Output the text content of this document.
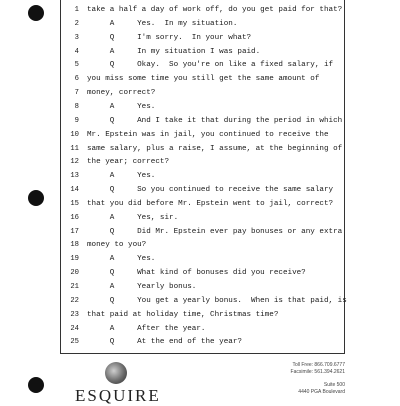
1 take a half a day of work off, do you get paid for that?
2 A     Yes.  In my situation.
3 Q     I'm sorry.  In your what?
4 A     In my situation I was paid.
5 Q     Okay.  So you're on like a fixed salary, if
6 you miss some time you still get the same amount of
7 money, correct?
8 A     Yes.
9 Q     And I take it that during the period in which
10 Mr. Epstein was in jail, you continued to receive the
11 same salary, plus a raise, I assume, at the beginning of
12 the year; correct?
13 A     Yes.
14 Q     So you continued to receive the same salary
15 that you did before Mr. Epstein went to jail, correct?
16 A     Yes, sir.
17 Q     Did Mr. Epstein ever pay bonuses or any extra
18 money to you?
19 A     Yes.
20 Q     What kind of bonuses did you receive?
21 A     Yearly bonus.
22 Q     You get a yearly bonus.  When is that paid, is
23 that paid at holiday time, Christmas time?
24 A     After the year.
25 Q     At the end of the year?
ESQUIRE
Toll Free: 866.709.6777
Facsimile: 561.394.2621
Suite 500
4440 PGA Boulevard
